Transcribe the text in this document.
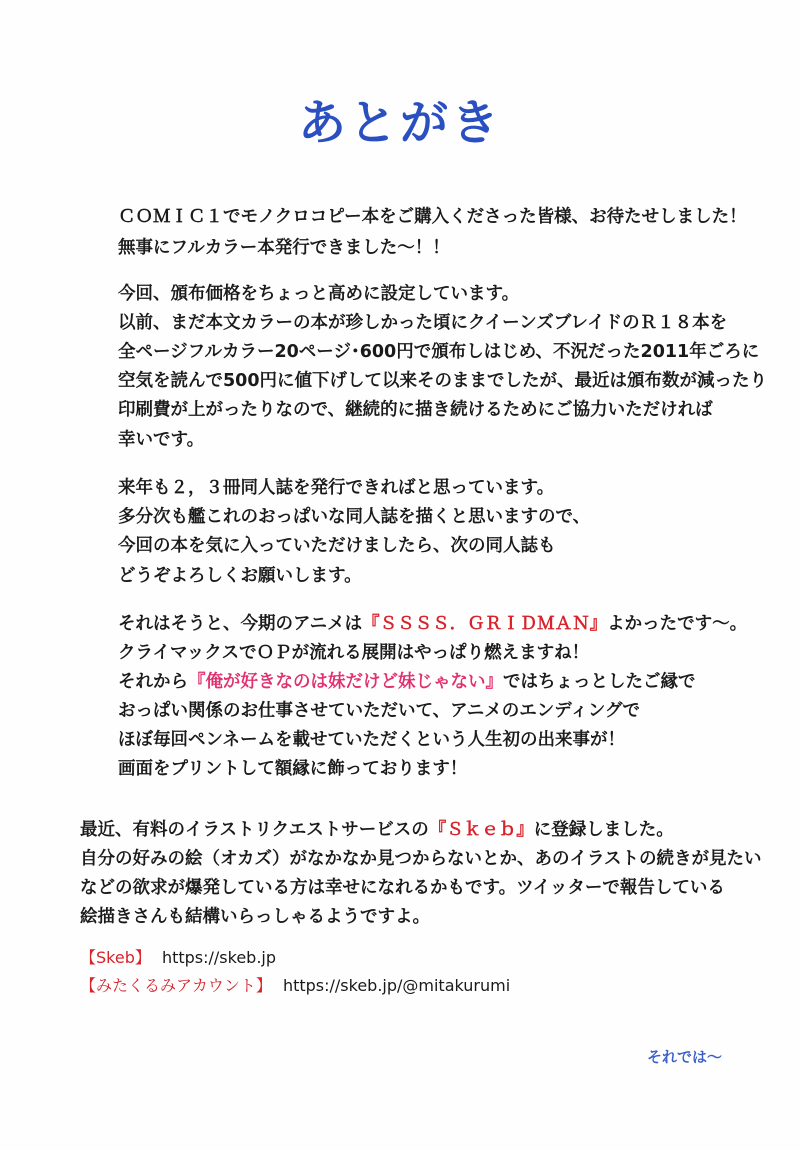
あとがき
ＣＯＭＩＣ１でモノクロコピー本をご購入くださった皆様、お待たせしました！
無事にフルカラー本発行できました～！！
今回、頒布価格をちょっと高めに設定しています。
以前、まだ本文カラーの本が珍しかった頃にクイーンズブレイドのＲ１８本を
全ページフルカラー20ページ･600円で頒布しはじめ、不況だった2011年ごろに
空気を読んで500円に値下げして以来そのままでしたが、最近は頒布数が減ったり
印刷費が上がったりなので、継続的に描き続けるためにご協力いただければ
幸いです。
来年も２，３冊同人誌を発行できればと思っています。
多分次も艦これのおっぱいな同人誌を描くと思いますので、
今回の本を気に入っていただけましたら、次の同人誌も
どうぞよろしくお願いします。
それはそうと、今期のアニメは『ＳＳＳＳ．ＧＲＩＤＭＡＮ』よかったです～。
クライマックスでＯＰが流れる展開はやっぱり燃えますね！
それから『俺が好きなのは妹だけど妹じゃない』ではちょっとしたご縁で
おっぱい関係のお仕事させていただいて、アニメのエンディングで
ほぼ毎回ペンネームを載せていただくという人生初の出来事が！
画面をプリントして額縁に飾っております！
最近、有料のイラストリクエストサービスの『Ｓｋｅｂ』に登録しました。
自分の好みの絵（オカズ）がなかなか見つからないとか、あのイラストの続きが見たい
などの欲求が爆発している方は幸せになれるかもです。ツイッターで報告している
絵描きさんも結構いらっしゃるようですよ。
【Skeb】 https://skeb.jp
【みたくるみアカウント】 https://skeb.jp/@mitakurumi
それでは～
